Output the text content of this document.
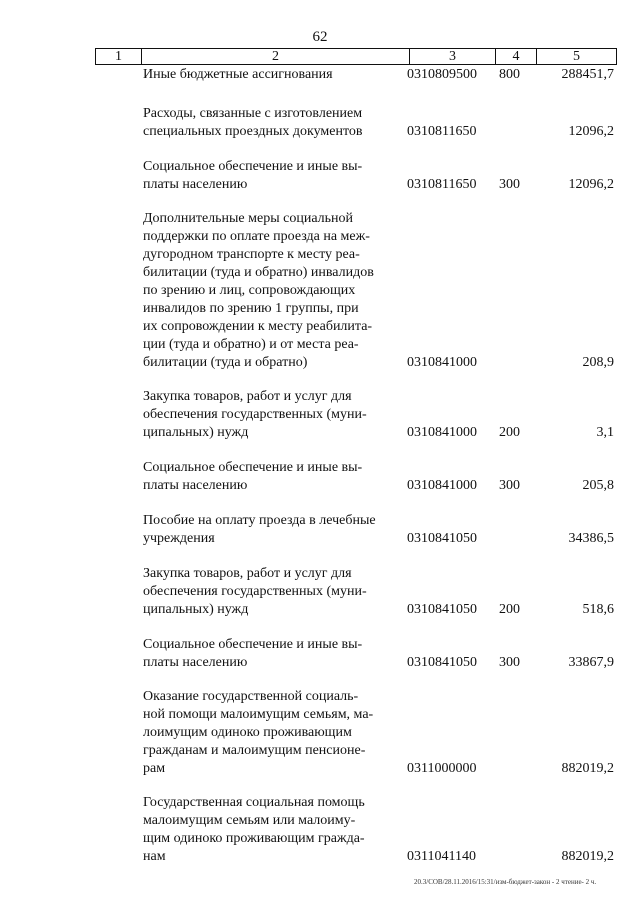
62
1	2	3	4	5
Иные бюджетные ассигнования	0310809500 800	288451,7
Расходы, связанные с изготовлением
специальных проездных документов	0310811650	12096,2
Социальное обеспечение и иные вы-
платы населению	0310811650 300	12096,2
Дополнительные меры социальной
поддержки по оплате проезда на меж-
дугородном транспорте к месту реа-
билитации (туда и обратно) инвалидов
по зрению и лиц, сопровождающих
инвалидов по зрению 1 группы, при
их сопровождении к месту реабилита-
ции (туда и обратно) и от места реа-
билитации (туда и обратно)	0310841000	208,9
Закупка товаров, работ и услуг для
обеспечения государственных (муни-
ципальных) нужд	0310841000 200	3,1
Социальное обеспечение и иные вы-
платы населению	0310841000 300	205,8
Пособие на оплату проезда в лечебные
учреждения	0310841050	34386,5
Закупка товаров, работ и услуг для
обеспечения государственных (муни-
ципальных) нужд	0310841050 200	518,6
Социальное обеспечение и иные вы-
платы населению	0310841050 300	33867,9
Оказание государственной социаль-
ной помощи малоимущим семьям, ма-
лоимущим одиноко проживающим
гражданам и малоимущим пенсионе-
рам	0311000000	882019,2
Государственная социальная помощь
малоимущим семьям или малоиму-
щим одиноко проживающим гражда-
нам	0311041140	882019,2
20.3/СОВ/28.11.2016/15:31/изм-бюджет-закон - 2 чтение- 2 ч.
